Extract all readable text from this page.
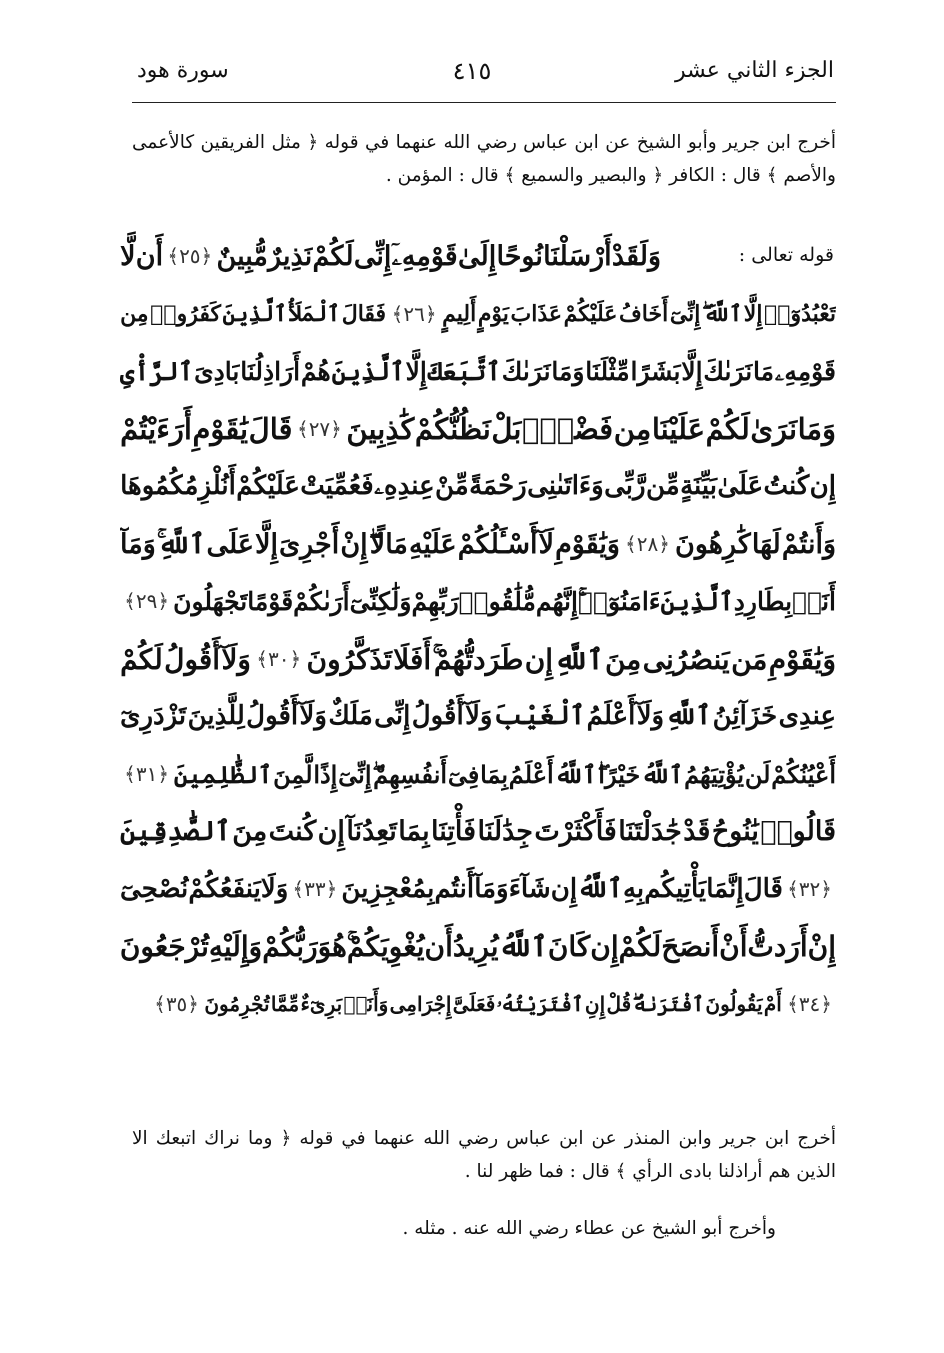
الجزء الثاني عشر
٤١٥
سورة هود
أخرج ابن جرير وأبو الشيخ عن ابن عباس رضي الله عنهما في قوله ﴿ مثل الفريقين كالأعمى والأصم ﴾ قال : الكافر ﴿ والبصير والسميع ﴾ قال : المؤمن .
قوله تعالى :
وَلَقَدْ
أَرْسَلْنَا
نُوحًا
إِلَىٰ
قَوْمِهِۦٓ
إِنِّى
لَكُمْ
نَذِيرٌ
مُّبِينٌ
﴿٢٥﴾
أَن
لَّا
تَعْبُدُوٓا۟
إِلَّا
ٱللَّهَ
إِنِّىٓ
أَخَافُ
عَلَيْكُمْ
عَذَابَ
يَوْمٍ
أَلِيمٍ
﴿٢٦﴾
فَقَالَ
ٱلْمَلَأُ
ٱلَّذِينَ
كَفَرُوا۟
مِن
قَوْمِهِۦ
مَا
نَرَىٰكَ
إِلَّا
بَشَرًا
مِّثْلَنَا
وَمَا
نَرَىٰكَ
ٱتَّبَعَكَ
إِلَّا
ٱلَّذِينَ
هُمْ
أَرَاذِلُنَا
بَادِىَ
ٱلرَّأْىِ
وَمَا
نَرَىٰ
لَكُمْ
عَلَيْنَا
مِن
فَضْلٍۭ
بَلْ
نَظُنُّكُمْ
كَٰذِبِينَ
﴿٢٧﴾
قَالَ
يَٰقَوْمِ
أَرَءَيْتُمْ
إِن
كُنتُ
عَلَىٰ
بَيِّنَةٍ
مِّن
رَّبِّى
وَءَاتَىٰنِى
رَحْمَةً
مِّنْ
عِندِهِۦ
فَعُمِّيَتْ
عَلَيْكُمْ
أَنُلْزِمُكُمُوهَا
وَأَنتُمْ
لَهَا
كَٰرِهُونَ
﴿٢٨﴾
وَيَٰقَوْمِ
لَآ
أَسْـَٔلُكُمْ
عَلَيْهِ
مَالًا
إِنْ
أَجْرِىَ
إِلَّا
عَلَى
ٱللَّهِ
وَمَآ
أَنَا۠
بِطَارِدِ
ٱلَّذِينَ
ءَامَنُوٓا۟
إِنَّهُم
مُّلَٰقُوا۟
رَبِّهِمْ
وَلَٰكِنِّىٓ
أَرَىٰكُمْ
قَوْمًا
تَجْهَلُونَ
﴿٢٩﴾
وَيَٰقَوْمِ
مَن
يَنصُرُنِى
مِنَ
ٱللَّهِ
إِن
طَرَدتُّهُمْ
أَفَلَا
تَذَكَّرُونَ
﴿٣٠﴾
وَلَآ
أَقُولُ
لَكُمْ
عِندِى
خَزَآئِنُ
ٱللَّهِ
وَلَآ
أَعْلَمُ
ٱلْغَيْبَ
وَلَآ
أَقُولُ
إِنِّى
مَلَكٌ
وَلَآ
أَقُولُ
لِلَّذِينَ
تَزْدَرِىٓ
أَعْيُنُكُمْ
لَن
يُؤْتِيَهُمُ
ٱللَّهُ
خَيْرًا
ٱللَّهُ
أَعْلَمُ
بِمَا
فِىٓ
أَنفُسِهِمْ
إِنِّىٓ
إِذًا
لَّمِنَ
ٱلظَّٰلِمِينَ
﴿٣١﴾
قَالُوا۟
يَٰنُوحُ
قَدْ
جَٰدَلْتَنَا
فَأَكْثَرْتَ
جِدَٰلَنَا
فَأْتِنَا
بِمَا
تَعِدُنَآ
إِن
كُنتَ
مِنَ
ٱلصَّٰدِقِينَ
﴿٣٢﴾
قَالَ
إِنَّمَا
يَأْتِيكُم
بِهِ
ٱللَّهُ
إِن
شَآءَ
وَمَآ
أَنتُم
بِمُعْجِزِينَ
﴿٣٣﴾
وَلَا
يَنفَعُكُمْ
نُصْحِىٓ
إِنْ
أَرَدتُّ
أَنْ
أَنصَحَ
لَكُمْ
إِن
كَانَ
ٱللَّهُ
يُرِيدُ
أَن
يُغْوِيَكُمْ
هُوَ
رَبُّكُمْ
وَإِلَيْهِ
تُرْجَعُونَ
﴿٣٤﴾
أَمْ
يَقُولُونَ
ٱفْتَرَىٰهُ
قُلْ
إِنِ
ٱفْتَرَيْتُهُۥ
فَعَلَىَّ
إِجْرَامِى
وَأَنَا۠
بَرِىٓءٌ
مِّمَّا
تُجْرِمُونَ
﴿٣٥﴾
أخرج ابن جرير وابن المنذر عن ابن عباس رضي الله عنهما في قوله ﴿ وما نراك اتبعك الا الذين هم أراذلنا بادى الرأي ﴾ قال : فما ظهر لنا .
وأخرج أبو الشيخ عن عطاء رضي الله عنه . مثله .
